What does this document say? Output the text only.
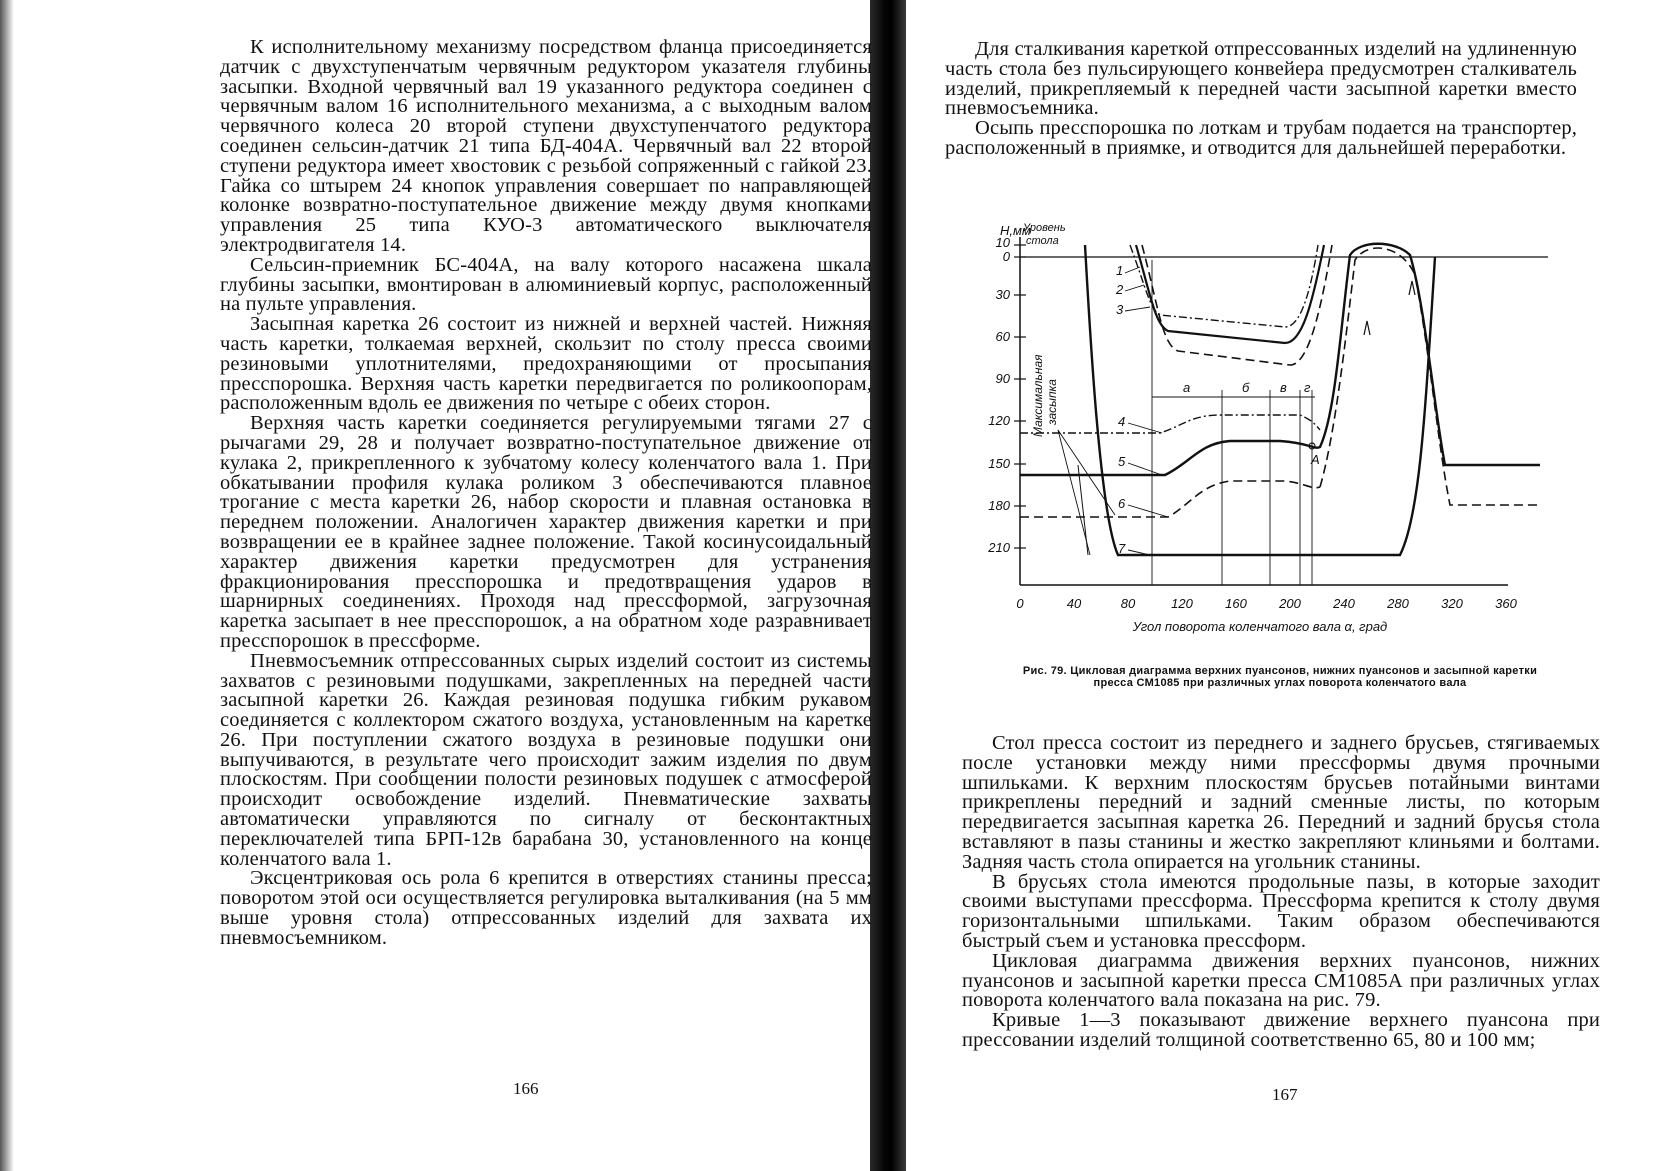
К исполнительному механизму посредством фланца присоединяется датчик с двухступенчатым червячным редуктором указателя глубины засыпки. Входной червячный вал 19 указанного редуктора соединен с червячным валом 16 исполнительного механизма, а с выходным валом червячного колеса 20 второй ступени двухступенчатого редуктора соединен сельсин-датчик 21 типа БД-404А. Червячный вал 22 второй ступени редуктора имеет хвостовик с резьбой сопряженный с гайкой 23. Гайка со штырем 24 кнопок управления совершает по направляющей колонке возвратно-поступательное движение между двумя кнопками управления 25 типа КУО-3 автоматического выключателя электродвигателя 14.

Сельсин-приемник БС-404А, на валу которого насажена шкала глубины засыпки, вмонтирован в алюминиевый корпус, расположенный на пульте управления.

Засыпная каретка 26 состоит из нижней и верхней частей. Нижняя часть каретки, толкаемая верхней, скользит по столу пресса своими резиновыми уплотнителями, предохраняющими от просыпания пресспорошка. Верхняя часть каретки передвигается по роликоопорам, расположенным вдоль ее движения по четыре с обеих сторон.

Верхняя часть каретки соединяется регулируемыми тягами 27 с рычагами 29, 28 и получает возвратно-поступательное движение от кулака 2, прикрепленного к зубчатому колесу коленчатого вала 1. При обкатывании профиля кулака роликом 3 обеспечиваются плавное трогание с места каретки 26, набор скорости и плавная остановка в переднем положении. Аналогичен характер движения каретки и при возвращении ее в крайнее заднее положение. Такой косинусоидальный характер движения каретки предусмотрен для устранения фракционирования пресспорошка и предотвращения ударов в шарнирных соединениях. Проходя над прессформой, загрузочная каретка засыпает в нее пресспорошок, а на обратном ходе разравнивает пресспорошок в прессформе.

Пневмосъемник отпрессованных сырых изделий состоит из системы захватов с резиновыми подушками, закрепленных на передней части засыпной каретки 26. Каждая резиновая подушка гибким рукавом соединяется с коллектором сжатого воздуха, установленным на каретке 26. При поступлении сжатого воздуха в резиновые подушки они выпучиваются, в результате чего происходит зажим изделия по двум плоскостям. При сообщении полости резиновых подушек с атмосферой происходит освобождение изделий. Пневматические захваты автоматически управляются по сигналу от бесконтактных переключателей типа БРП-12в барабана 30, установленного на конце коленчатого вала 1.

Эксцентриковая ось рола 6 крепится в отверстиях станины пресса; поворотом этой оси осуществляется регулировка выталкивания (на 5 мм выше уровня стола) отпрессованных изделий для захвата их пневмосъемником.

166

Для сталкивания кареткой отпрессованных изделий на удлиненную часть стола без пульсирующего конвейера предусмотрен сталкиватель изделий, прикрепляемый к передней части засыпной каретки вместо пневмосъемника.

Осыпь пресспорошка по лоткам и трубам подается на транспортер, расположенный в приямке, и отводится для дальнейшей переработки.

H,мм
Уровень
стола
10
0
30
60
90
120
150
180
210
0	40	80	120 160 200 240 280 320 360
Угол поворота коленчатого вала α, град
Максимальная засыпка
1
2
3
4
5
6
7
а	б в г
А
Рис. 79. Цикловая диаграмма верхних пуансонов, нижних пуансонов и засыпной каретки пресса СМ1085 при различных углах поворота коленчатого вала

Стол пресса состоит из переднего и заднего брусьев, стягиваемых после установки между ними прессформы двумя прочными шпильками. К верхним плоскостям брусьев потайными винтами прикреплены передний и задний сменные листы, по которым передвигается засыпная каретка 26. Передний и задний брусья стола вставляют в пазы станины и жестко закрепляют клиньями и болтами. Задняя часть стола опирается на угольник станины.

В брусьях стола имеются продольные пазы, в которые заходит своими выступами прессформа. Прессформа крепится к столу двумя горизонтальными шпильками. Таким образом обеспечиваются быстрый съем и установка прессформ.

Цикловая диаграмма движения верхних пуансонов, нижних пуансонов и засыпной каретки пресса СМ1085А при различных углах поворота коленчатого вала показана на рис. 79.

Кривые 1—3 показывают движение верхнего пуансона при прессовании изделий толщиной соответственно 65, 80 и 100 мм;

167
